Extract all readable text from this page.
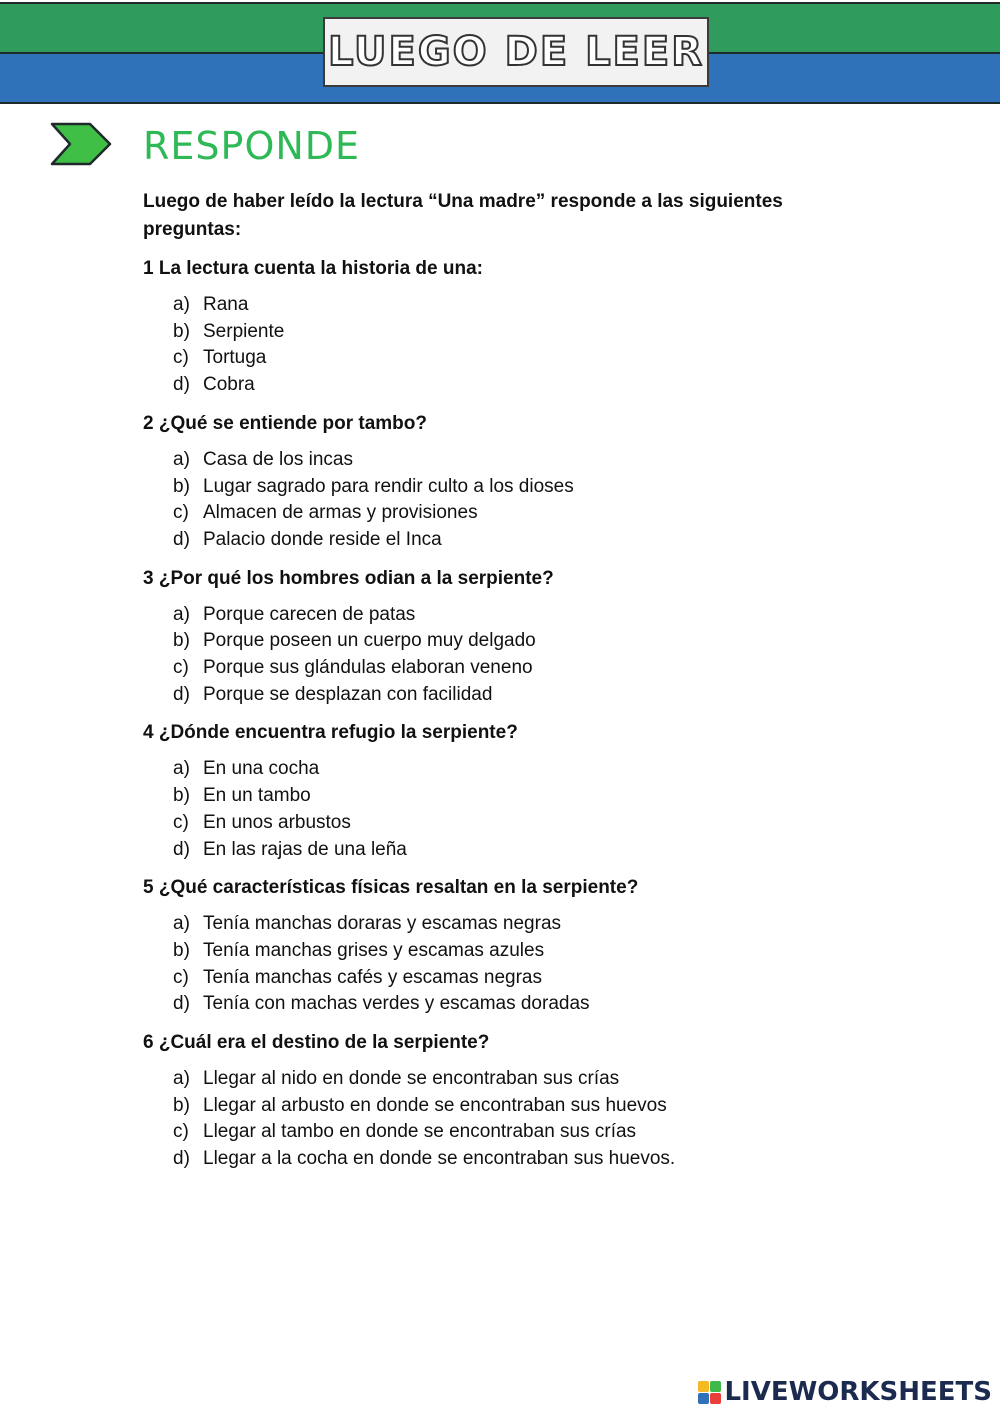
LUEGO DE LEER
RESPONDE

Luego de haber leído la lectura “Una madre” responde a las siguientes preguntas:

1 La lectura cuenta la historia de una:

a) Rana
b) Serpiente
c) Tortuga
d) Cobra

2 ¿Qué se entiende por tambo?

a) Casa de los incas
b) Lugar sagrado para rendir culto a los dioses
c) Almacen de armas y provisiones
d) Palacio donde reside el Inca

3 ¿Por qué los hombres odian a la serpiente?

a) Porque carecen de patas
b) Porque poseen un cuerpo muy delgado
c) Porque sus glándulas elaboran veneno
d) Porque se desplazan con facilidad

4 ¿Dónde encuentra refugio la serpiente?

a) En una cocha
b) En un tambo
c) En unos arbustos
d) En las rajas de una leña

5 ¿Qué características físicas resaltan en la serpiente?

a) Tenía manchas doraras y escamas negras
b) Tenía manchas grises y escamas azules
c) Tenía manchas cafés y escamas negras
d) Tenía con machas verdes y escamas doradas

6 ¿Cuál era el destino de la serpiente?

a) Llegar al nido en donde se encontraban sus crías
b) Llegar al arbusto en donde se encontraban sus huevos
c) Llegar al tambo en donde se encontraban sus crías
d) Llegar a la cocha en donde se encontraban sus huevos.
LIVEWORKSHEETS
